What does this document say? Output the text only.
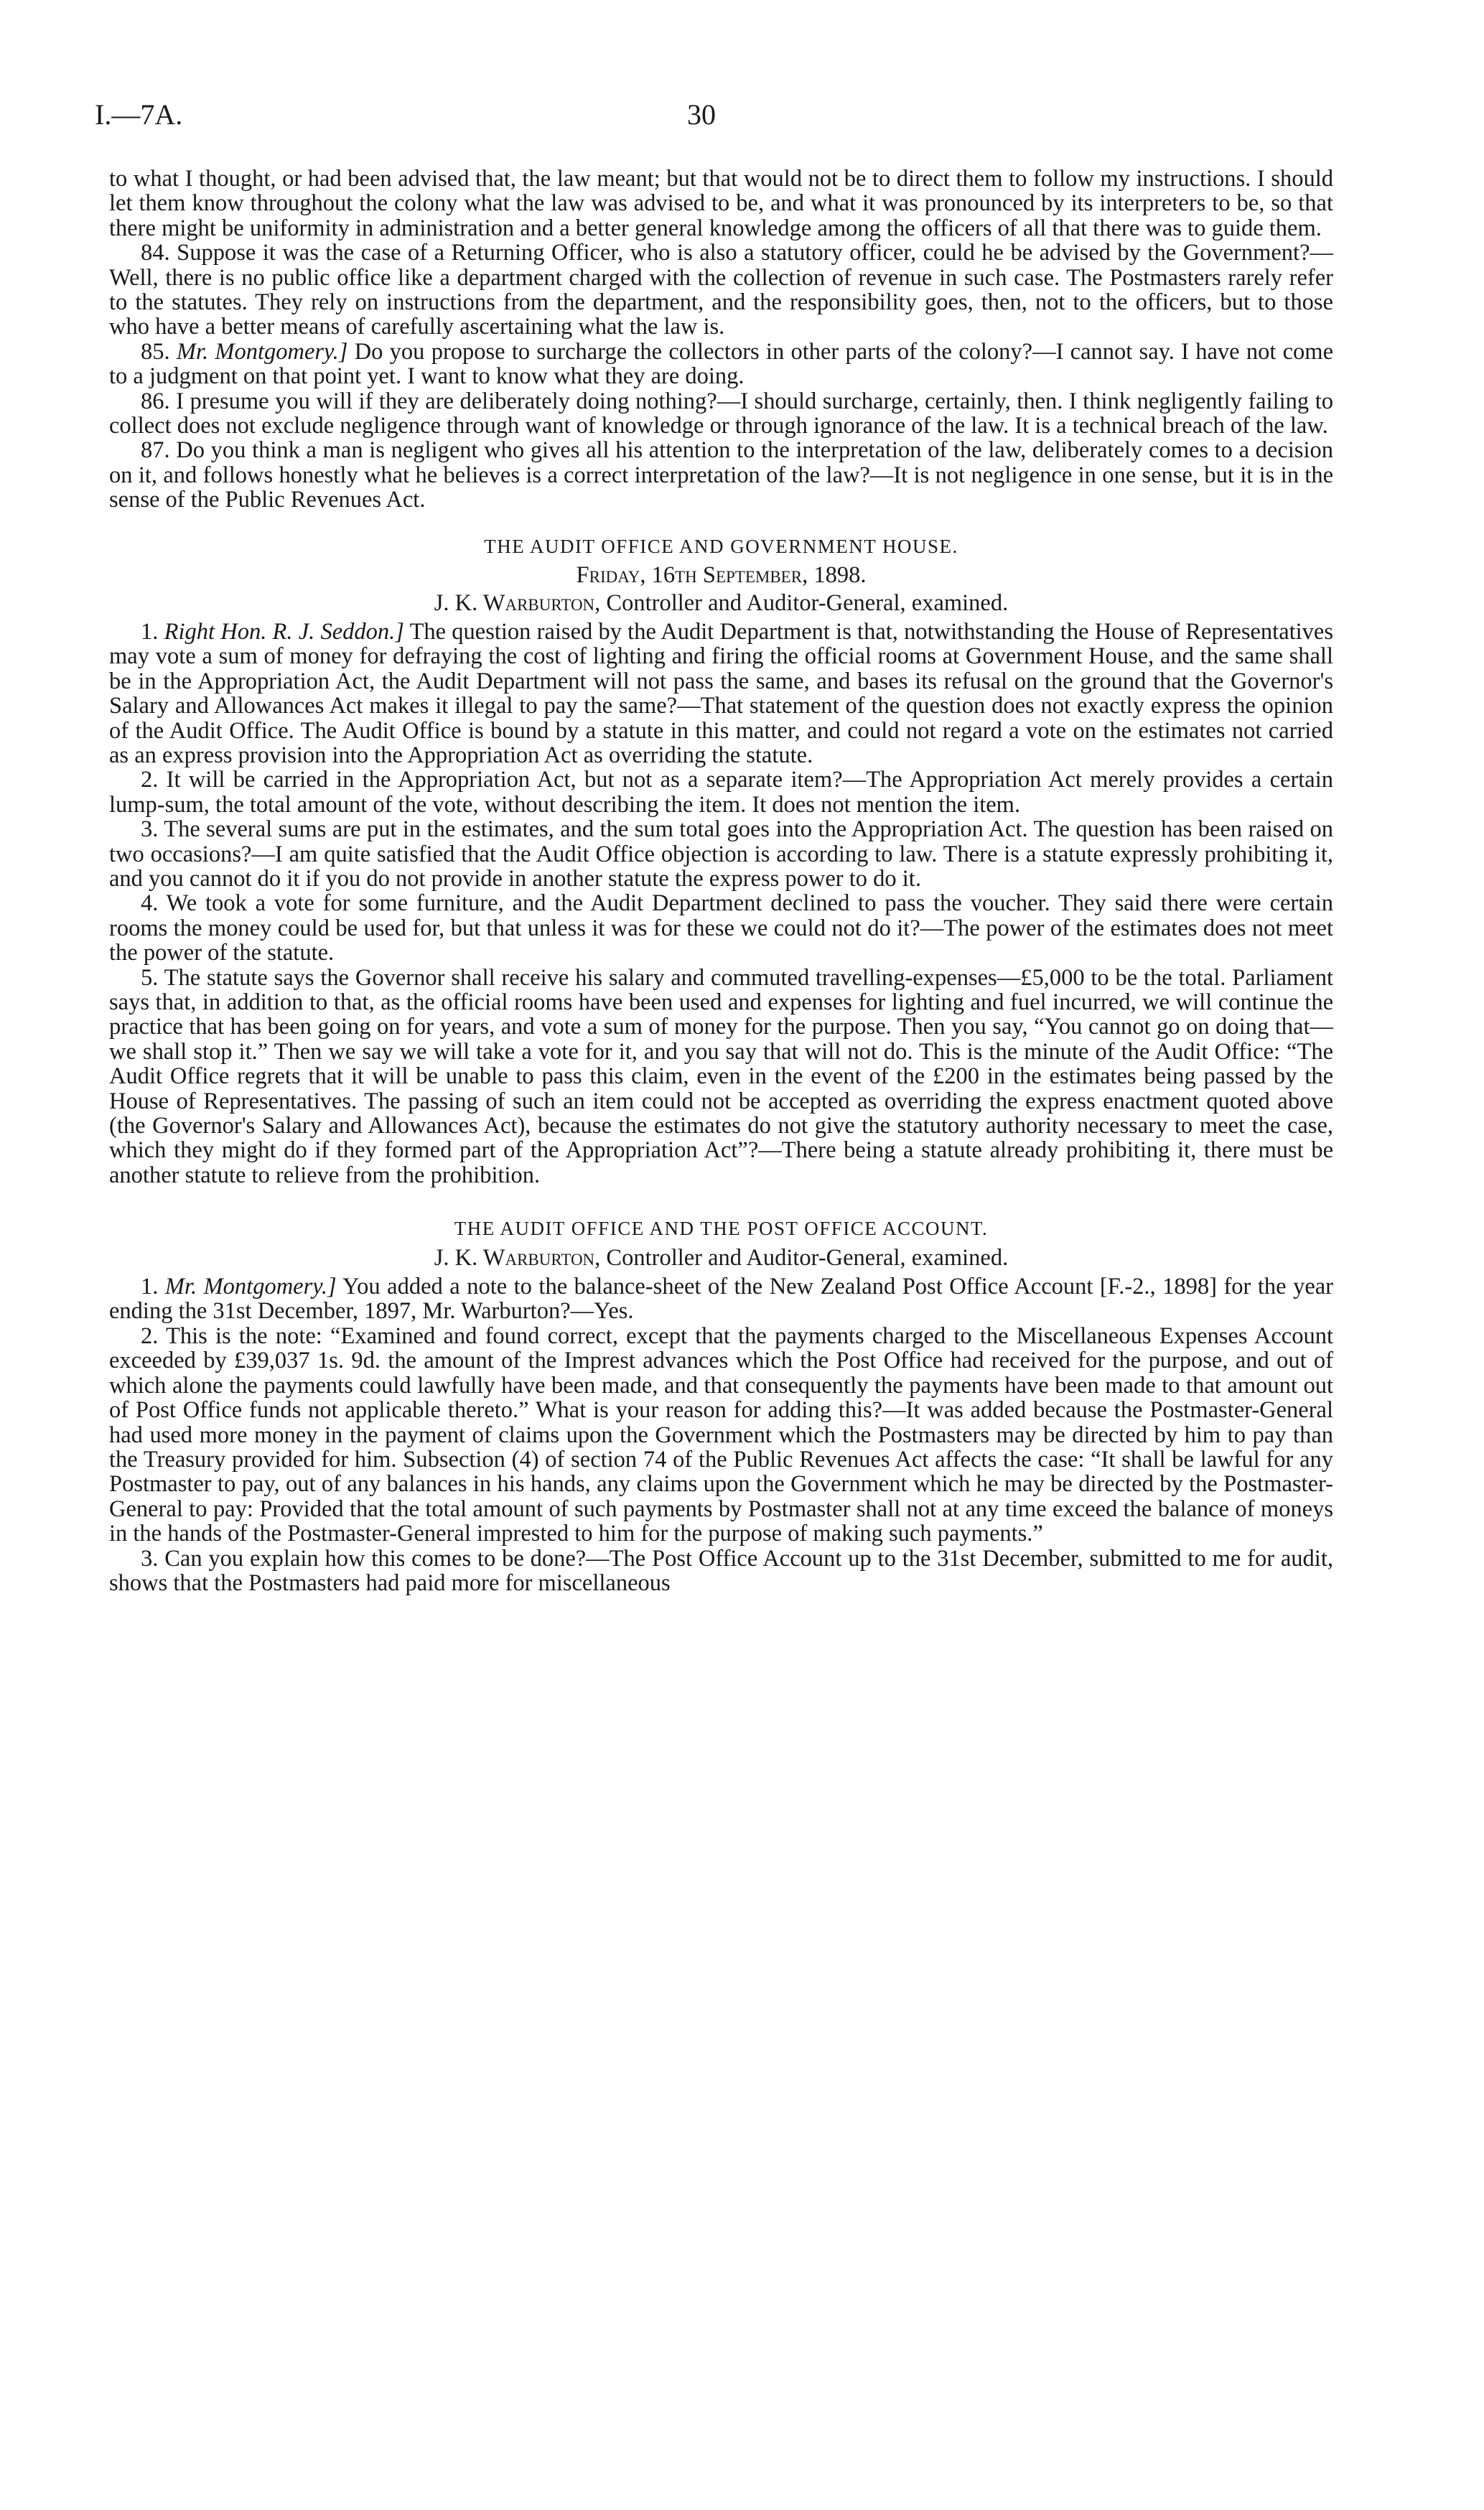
I.—7A.	30

to what I thought, or had been advised that, the law meant; but that would not be to direct them to follow my instructions. I should let them know throughout the colony what the law was advised to be, and what it was pronounced by its interpreters to be, so that there might be uniformity in administration and a better general knowledge among the officers of all that there was to guide them.

84. Suppose it was the case of a Returning Officer, who is also a statutory officer, could he be advised by the Government?—Well, there is no public office like a department charged with the collection of revenue in such case. The Postmasters rarely refer to the statutes. They rely on instructions from the department, and the responsibility goes, then, not to the officers, but to those who have a better means of carefully ascertaining what the law is.

85. Mr. Montgomery.] Do you propose to surcharge the collectors in other parts of the colony?—I cannot say. I have not come to a judgment on that point yet. I want to know what they are doing.

86. I presume you will if they are deliberately doing nothing?—I should surcharge, certainly, then. I think negligently failing to collect does not exclude negligence through want of knowledge or through ignorance of the law. It is a technical breach of the law.

87. Do you think a man is negligent who gives all his attention to the interpretation of the law, deliberately comes to a decision on it, and follows honestly what he believes is a correct interpretation of the law?—It is not negligence in one sense, but it is in the sense of the Public Revenues Act.

THE AUDIT OFFICE AND GOVERNMENT HOUSE.
Friday, 16th September, 1898.
J. K. Warburton, Controller and Auditor-General, examined.

1. Right Hon. R. J. Seddon.] The question raised by the Audit Department is that, notwithstanding the House of Representatives may vote a sum of money for defraying the cost of lighting and firing the official rooms at Government House, and the same shall be in the Appropriation Act, the Audit Department will not pass the same, and bases its refusal on the ground that the Governor's Salary and Allowances Act makes it illegal to pay the same?—That statement of the question does not exactly express the opinion of the Audit Office. The Audit Office is bound by a statute in this matter, and could not regard a vote on the estimates not carried as an express provision into the Appropriation Act as overriding the statute.

2. It will be carried in the Appropriation Act, but not as a separate item?—The Appropriation Act merely provides a certain lump-sum, the total amount of the vote, without describing the item. It does not mention the item.

3. The several sums are put in the estimates, and the sum total goes into the Appropriation Act. The question has been raised on two occasions?—I am quite satisfied that the Audit Office objection is according to law. There is a statute expressly prohibiting it, and you cannot do it if you do not provide in another statute the express power to do it.

4. We took a vote for some furniture, and the Audit Department declined to pass the voucher. They said there were certain rooms the money could be used for, but that unless it was for these we could not do it?—The power of the estimates does not meet the power of the statute.

5. The statute says the Governor shall receive his salary and commuted travelling-expenses—£5,000 to be the total. Parliament says that, in addition to that, as the official rooms have been used and expenses for lighting and fuel incurred, we will continue the practice that has been going on for years, and vote a sum of money for the purpose. Then you say, “You cannot go on doing that—we shall stop it.” Then we say we will take a vote for it, and you say that will not do. This is the minute of the Audit Office: “The Audit Office regrets that it will be unable to pass this claim, even in the event of the £200 in the estimates being passed by the House of Representatives. The passing of such an item could not be accepted as overriding the express enactment quoted above (the Governor's Salary and Allowances Act), because the estimates do not give the statutory authority necessary to meet the case, which they might do if they formed part of the Appropriation Act”?—There being a statute already prohibiting it, there must be another statute to relieve from the prohibition.

THE AUDIT OFFICE AND THE POST OFFICE ACCOUNT.
J. K. Warburton, Controller and Auditor-General, examined.

1. Mr. Montgomery.] You added a note to the balance-sheet of the New Zealand Post Office Account [F.-2., 1898] for the year ending the 31st December, 1897, Mr. Warburton?—Yes.

2. This is the note: “Examined and found correct, except that the payments charged to the Miscellaneous Expenses Account exceeded by £39,037 1s. 9d. the amount of the Imprest advances which the Post Office had received for the purpose, and out of which alone the payments could lawfully have been made, and that consequently the payments have been made to that amount out of Post Office funds not applicable thereto.” What is your reason for adding this?—It was added because the Postmaster-General had used more money in the payment of claims upon the Government which the Postmasters may be directed by him to pay than the Treasury provided for him. Subsection (4) of section 74 of the Public Revenues Act affects the case: “It shall be lawful for any Postmaster to pay, out of any balances in his hands, any claims upon the Government which he may be directed by the Postmaster-General to pay: Provided that the total amount of such payments by Postmaster shall not at any time exceed the balance of moneys in the hands of the Postmaster-General imprested to him for the purpose of making such payments.”

3. Can you explain how this comes to be done?—The Post Office Account up to the 31st December, submitted to me for audit, shows that the Postmasters had paid more for miscellaneous
